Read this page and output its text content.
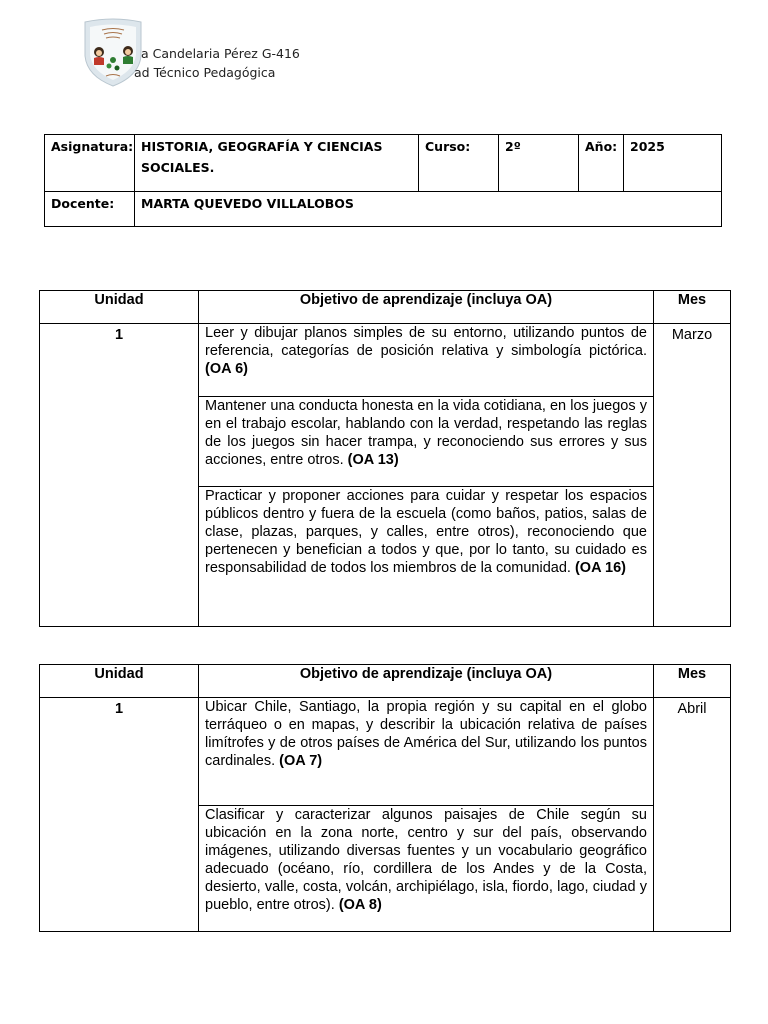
a Candelaria Pérez G-416
ad Técnico Pedagógica
Asignatura:	HISTORIA, GEOGRAFÍA Y CIENCIAS SOCIALES.	Curso:	2º	Año:	2025
Docente:	MARTA QUEVEDO VILLALOBOS				
Unidad	Objetivo de aprendizaje (incluya OA)	Mes
1	Leer y dibujar planos simples de su entorno, utilizando puntos de referencia, categorías de posición relativa y simbología pictórica. (OA 6)	Marzo
	Mantener una conducta honesta en la vida cotidiana, en los juegos y en el trabajo escolar, hablando con la verdad, respetando las reglas de los juegos sin hacer trampa, y reconociendo sus errores y sus acciones, entre otros. (OA 13)	
	Practicar y proponer acciones para cuidar y respetar los espacios públicos dentro y fuera de la escuela (como baños, patios, salas de clase, plazas, parques, y calles, entre otros), reconociendo que pertenecen y benefician a todos y que, por lo tanto, su cuidado es responsabilidad de todos los miembros de la comunidad. (OA 16)	
Unidad	Objetivo de aprendizaje (incluya OA)	Mes
1	Ubicar Chile, Santiago, la propia región y su capital en el globo terráqueo o en mapas, y describir la ubicación relativa de países limítrofes y de otros países de América del Sur, utilizando los puntos cardinales. (OA 7)	Abril
	Clasificar y caracterizar algunos paisajes de Chile según su ubicación en la zona norte, centro y sur del país, observando imágenes, utilizando diversas fuentes y un vocabulario geográfico adecuado (océano, río, cordillera de los Andes y de la Costa, desierto, valle, costa, volcán, archipiélago, isla, fiordo, lago, ciudad y pueblo, entre otros). (OA 8)	
